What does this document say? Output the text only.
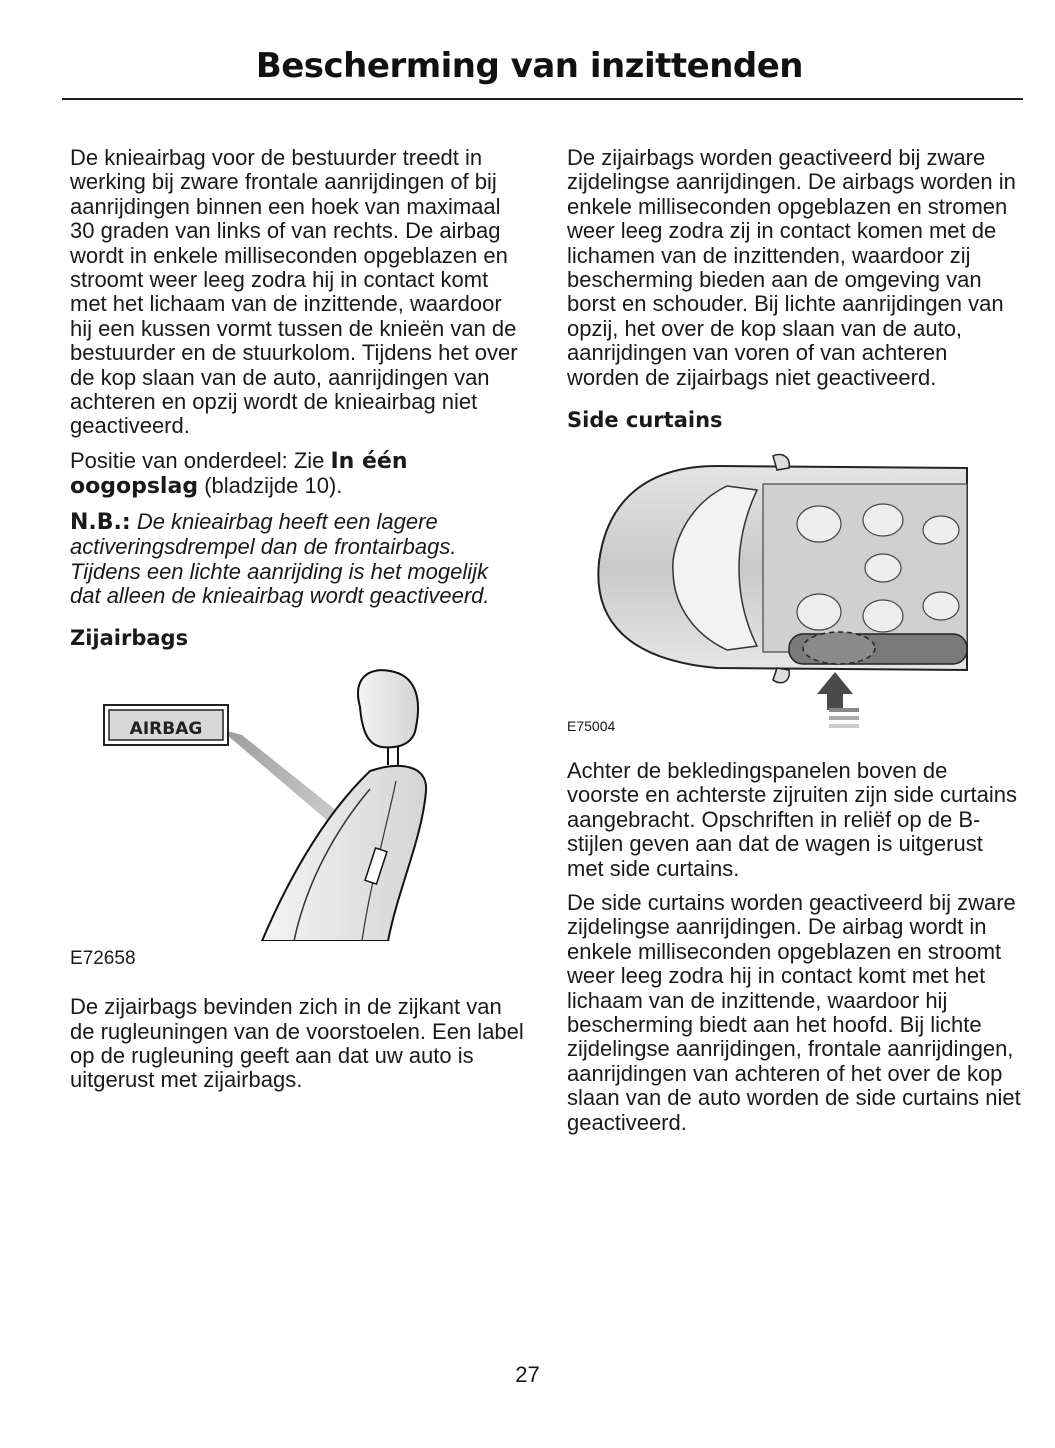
Bescherming van inzittenden

De knieairbag voor de bestuurder treedt in werking bij zware frontale aanrijdingen of bij aanrijdingen binnen een hoek van maximaal 30 graden van links of van rechts. De airbag wordt in enkele milliseconden opgeblazen en stroomt weer leeg zodra hij in contact komt met het lichaam van de inzittende, waardoor hij een kussen vormt tussen de knieën van de bestuurder en de stuurkolom. Tijdens het over de kop slaan van de auto, aanrijdingen van achteren en opzij wordt de knieairbag niet geactiveerd.

Positie van onderdeel: Zie In één oogopslag (bladzijde 10).

N.B.: De knieairbag heeft een lagere activeringsdrempel dan de frontairbags. Tijdens een lichte aanrijding is het mogelijk dat alleen de knieairbag wordt geactiveerd.

Zijairbags
AIRBAG
E72658

De zijairbags bevinden zich in de zijkant van de rugleuningen van de voorstoelen. Een label op de rugleuning geeft aan dat uw auto is uitgerust met zijairbags.

De zijairbags worden geactiveerd bij zware zijdelingse aanrijdingen. De airbags worden in enkele milliseconden opgeblazen en stromen weer leeg zodra zij in contact komen met de lichamen van de inzittenden, waardoor zij bescherming bieden aan de omgeving van borst en schouder. Bij lichte aanrijdingen van opzij, het over de kop slaan van de auto, aanrijdingen van voren of van achteren worden de zijairbags niet geactiveerd.

Side curtains
E75004

Achter de bekledingspanelen boven de voorste en achterste zijruiten zijn side curtains aangebracht. Opschriften in reliëf op de B-stijlen geven aan dat de wagen is uitgerust met side curtains.

De side curtains worden geactiveerd bij zware zijdelingse aanrijdingen. De airbag wordt in enkele milliseconden opgeblazen en stroomt weer leeg zodra hij in contact komt met het lichaam van de inzittende, waardoor hij bescherming biedt aan het hoofd. Bij lichte zijdelingse aanrijdingen, frontale aanrijdingen, aanrijdingen van achteren of het over de kop slaan van de auto worden de side curtains niet geactiveerd.

27
